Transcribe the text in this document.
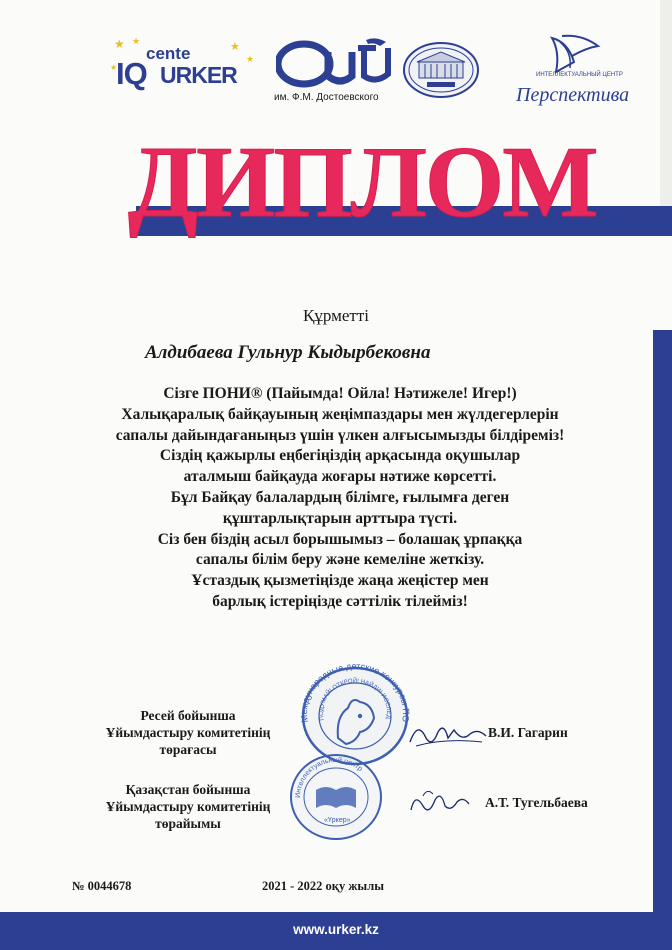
★ ★	★
★
★
IQ
cente
URKER
им. Ф.М. Достоевского
ИНТЕЛЛЕКТУАЛЬНЫЙ ЦЕНТР
Перспектива
ДИПЛОМ
Құрметті
Алдибаева Гульнур Кыдырбековна
Сізге ПОНИ® (Пайымда! Ойла! Нәтижеле! Игер!)
Халықаралық байқауының жеңімпаздары мен жүлдегерлерін
сапалы дайындағаныңыз үшін үлкен алғысымызды білдіреміз!
Сіздің қажырлы еңбегіңіздің арқасында оқушылар
аталмыш байқауда жоғары нәтиже көрсетті.
Бұл Байқау балалардың білімге, ғылымға деген
құштарлықтарын арттыра түсті.
Сіз бен біздің асыл борышымыз – болашақ ұрпаққа
сапалы білім беру және кемеліне жеткізу.
Ұстаздық қызметіңізде жаңа жеңістер мен
барлық істеріңізде сәттілік тілейміз!
Международные детские конкурсы ПО
ПОДУМАЙ! ОТКРОЙ! НАЙДИ! ИССЛЕД
Интеллектуальный центр
«Үркер»
Ресей бойынша
Ұйымдастыру комитетінің
төрағасы
В.И. Гагарин
Қазақстан бойынша
Ұйымдастыру комитетінің
төрайымы
А.Т. Тугельбаева
№ 0044678	2021 - 2022 оқу жылы
www.urker.kz
